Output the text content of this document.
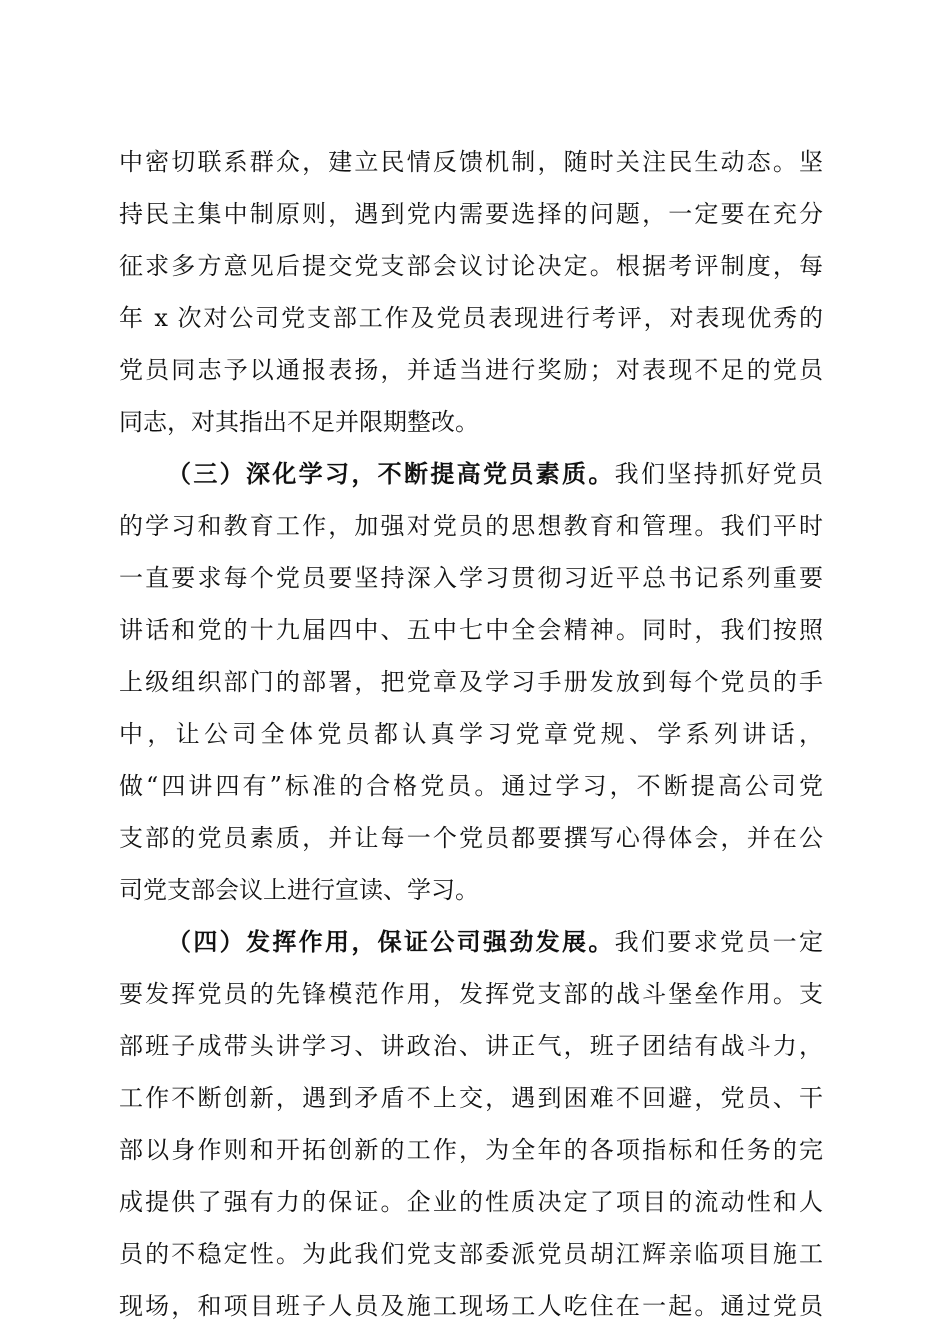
中密切联系群众，建立民情反馈机制，随时关注民生动态。坚
持民主集中制原则，遇到党内需要选择的问题，一定要在充分
征求多方意见后提交党支部会议讨论决定。根据考评制度，每
年 x 次对公司党支部工作及党员表现进行考评，对表现优秀的
党员同志予以通报表扬，并适当进行奖励；对表现不足的党员
同志，对其指出不足并限期整改。
（三）深化学习，不断提高党员素质。我们坚持抓好党员
的学习和教育工作，加强对党员的思想教育和管理。我们平时
一直要求每个党员要坚持深入学习贯彻习近平总书记系列重要
讲话和党的十九届四中、五中七中全会精神。同时，我们按照
上级组织部门的部署，把党章及学习手册发放到每个党员的手
中，让公司全体党员都认真学习党章党规、学系列讲话，
做“四讲四有”标准的合格党员。通过学习，不断提高公司党
支部的党员素质，并让每一个党员都要撰写心得体会，并在公
司党支部会议上进行宣读、学习。
（四）发挥作用，保证公司强劲发展。我们要求党员一定
要发挥党员的先锋模范作用，发挥党支部的战斗堡垒作用。支
部班子成带头讲学习、讲政治、讲正气，班子团结有战斗力，
工作不断创新，遇到矛盾不上交，遇到困难不回避，党员、干
部以身作则和开拓创新的工作，为全年的各项指标和任务的完
成提供了强有力的保证。企业的性质决定了项目的流动性和人
员的不稳定性。为此我们党支部委派党员胡江辉亲临项目施工
现场，和项目班子人员及施工现场工人吃住在一起。通过党员
